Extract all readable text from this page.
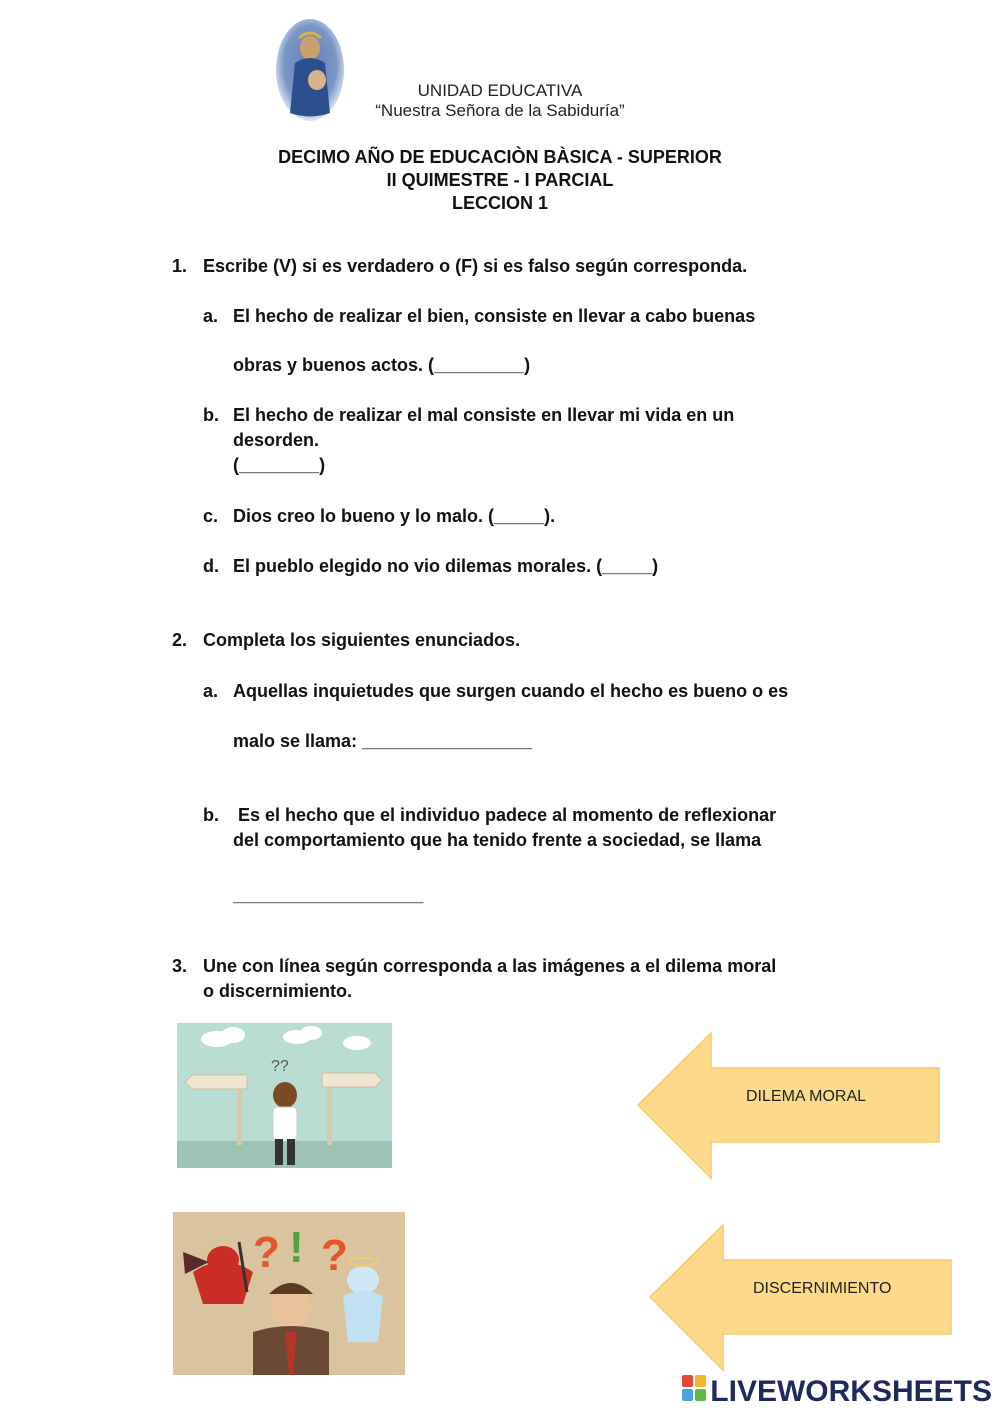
UNIDAD EDUCATIVA
“Nuestra Señora de la Sabiduría”
DECIMO AÑO DE EDUCACIÒN BÀSICA - SUPERIOR
II QUIMESTRE - I PARCIAL
LECCION 1
1. Escribe (V) si es verdadero o (F) si es falso según corresponda.
a. El hecho de realizar el bien, consiste en llevar a cabo buenas
obras y buenos actos. (_________)
b. El hecho de realizar el mal consiste en llevar mi vida en un
desorden.
(________)
c. Dios creo lo bueno y lo malo. (_____).
d. El pueblo elegido no vio dilemas morales. (_____)
2. Completa los siguientes enunciados.
a. Aquellas inquietudes que surgen cuando el hecho es bueno o es
malo se llama: _________________
b. Es el hecho que el individuo padece al momento de reflexionar
del comportamiento que ha tenido frente a sociedad, se llama
___________________
3. Une con línea según corresponda a las imágenes a el dilema moral
o discernimiento.
??
? ! ?
DILEMA MORAL
DISCERNIMIENTO
LIVEWORKSHEETS
